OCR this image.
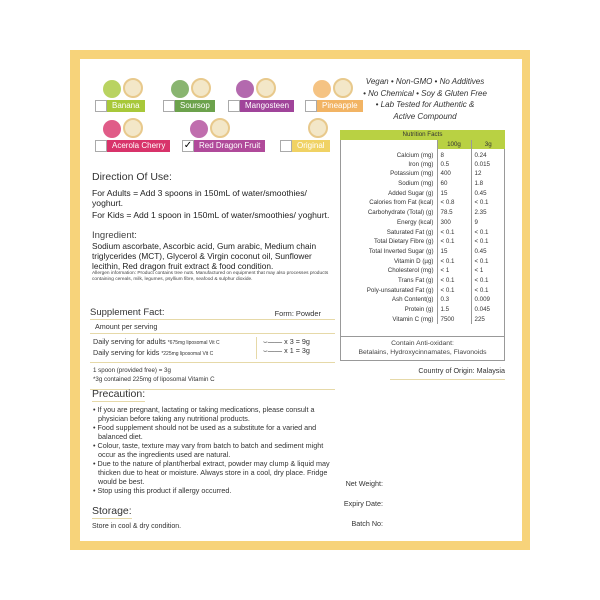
Banana	Soursop	Mangosteen	Pineapple
Acerola Cherry	✓ Red Dragon Fruit	Original
Vegan • Non-GMO • No Additives
• No Chemical • Soy & Gluten Free
• Lab Tested for Authentic &
Active Compound
Nutrition Facts		
	100g	3g
Calcium (mg)	8	0.24
Iron (mg)	0.5	0.015
Potassium (mg)	400	12
Sodium (mg)	60	1.8
Added Sugar (g)	15	0.45
Calories from Fat (kcal)	< 0.8	< 0.1
Carbohydrate (Total) (g)	78.5	2.35
Energy (kcal)	300	9
Saturated Fat (g)	< 0.1	< 0.1
Total Dietary Fibre (g)	< 0.1	< 0.1
Total Inverted Sugar (g)	15	0.45
Vitamin D (µg)	< 0.1	< 0.1
Cholesterol (mg)	< 1	< 1
Trans Fat (g)	< 0.1	< 0.1
Poly-unsaturated Fat (g)	< 0.1	< 0.1
Ash Content(g)	0.3	0.009
Protein (g)	1.5	0.045
Vitamin C (mg)	7500	225
Contain Anti-oxidant:
Betalains, Hydroxycinnamates, Flavonoids
Direction Of Use:
For Adults = Add 3 spoons in 150mL of water/smoothies/ yoghurt.
For Kids = Add 1 spoon in 150mL of water/smoothies/ yoghurt.
Ingredient:
Sodium ascorbate, Ascorbic acid, Gum arabic, Medium chain triglycerides (MCT), Glycerol & Virgin coconut oil, Sunflower lecithin, Red dragon fruit extract & food condition.
Allergen information: Product contains tree nuts. Manufactured on equipment that may also processes products containing cereals, milk, legumes, psyllium fibre, seafood & sulphur dioxide.
Supplement Fact:	Form: Powder
Amount per serving
Daily serving for adults *675mg liposomal Vit C
Daily serving for kids *225mg liposomal Vit C
⌣—— x 3 = 9g
⌣—— x 1 = 3g
1 spoon (provided free) = 3g
*3g contained 225mg of liposomal Vitamin C
Precaution:
• If you are pregnant, lactating or taking medications, please consult a physician before taking any nutritional products.
• Food supplement should not be used as a substitute for a varied and balanced diet.
• Colour, taste, texture may vary from batch to batch and sediment might occur as the ingredients used are natural.
• Due to the nature of plant/herbal extract, powder may clump & liquid may thicken due to heat or moisture. Always store in a cool, dry place. Fridge would be best.
• Stop using this product if allergy occurred.
Storage:
Store in cool & dry condition.
Country of Origin: Malaysia
Net Weight:
Expiry Date:
Batch No:
